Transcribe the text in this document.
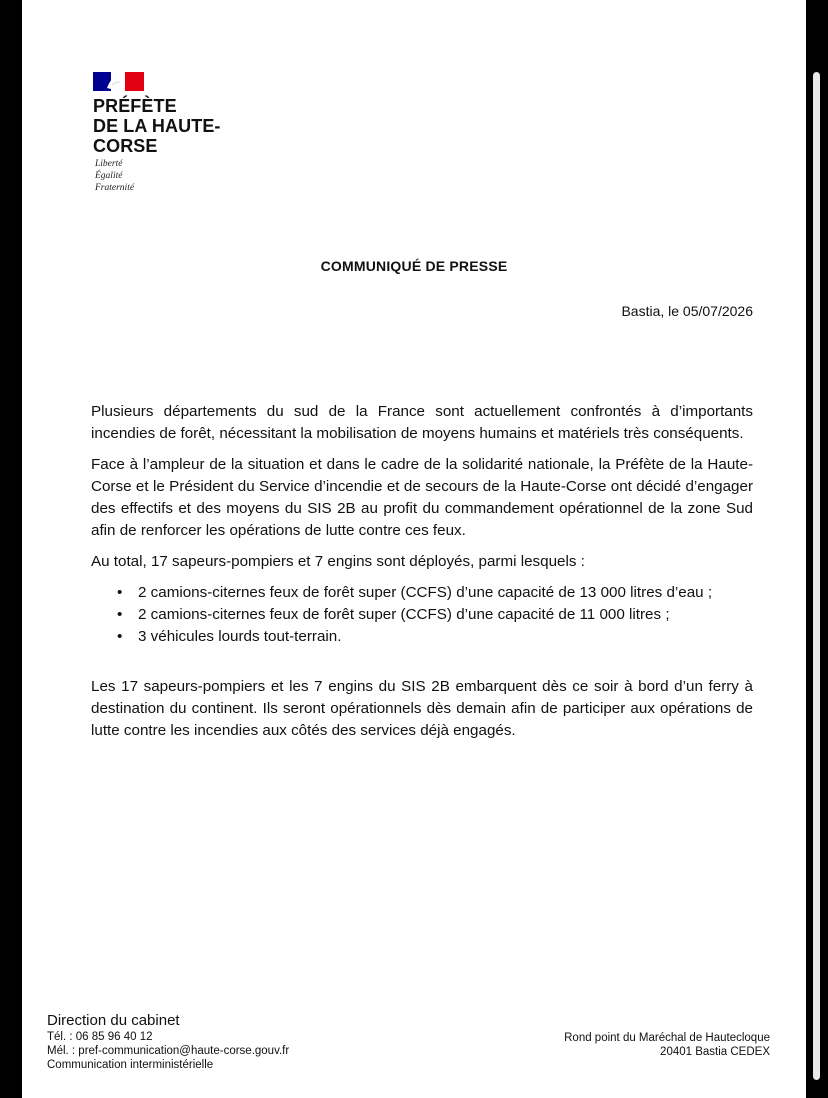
PRÉFÈTE
DE LA HAUTE-
CORSE
Liberté
Égalité
Fraternité
COMMUNIQUÉ DE PRESSE
Bastia, le 05/07/2026

Plusieurs départements du sud de la France sont actuellement confrontés à d’importants incendies de forêt, nécessitant la mobilisation de moyens humains et matériels très conséquents.

Face à l’ampleur de la situation et dans le cadre de la solidarité nationale, la Préfète de la Haute-Corse et le Président du Service d’incendie et de secours de la Haute-Corse ont décidé d’engager des effectifs et des moyens du SIS 2B au profit du commandement opérationnel de la zone Sud afin de renforcer les opérations de lutte contre ces feux.

Au total, 17 sapeurs-pompiers et 7 engins sont déployés, parmi lesquels :

• 2 camions-citernes feux de forêt super (CCFS) d’une capacité de 13 000 litres d’eau ;
• 2 camions-citernes feux de forêt super (CCFS) d’une capacité de 11 000 litres ;
• 3 véhicules lourds tout-terrain.

Les 17 sapeurs-pompiers et les 7 engins du SIS 2B embarquent dès ce soir à bord d’un ferry à destination du continent. Ils seront opérationnels dès demain afin de participer aux opérations de lutte contre les incendies aux côtés des services déjà engagés.

Direction du cabinet
Tél. : 06 85 96 40 12
Mél. : pref-communication@haute-corse.gouv.fr
Communication interministérielle
Rond point du Maréchal de Hautecloque
20401 Bastia CEDEX
